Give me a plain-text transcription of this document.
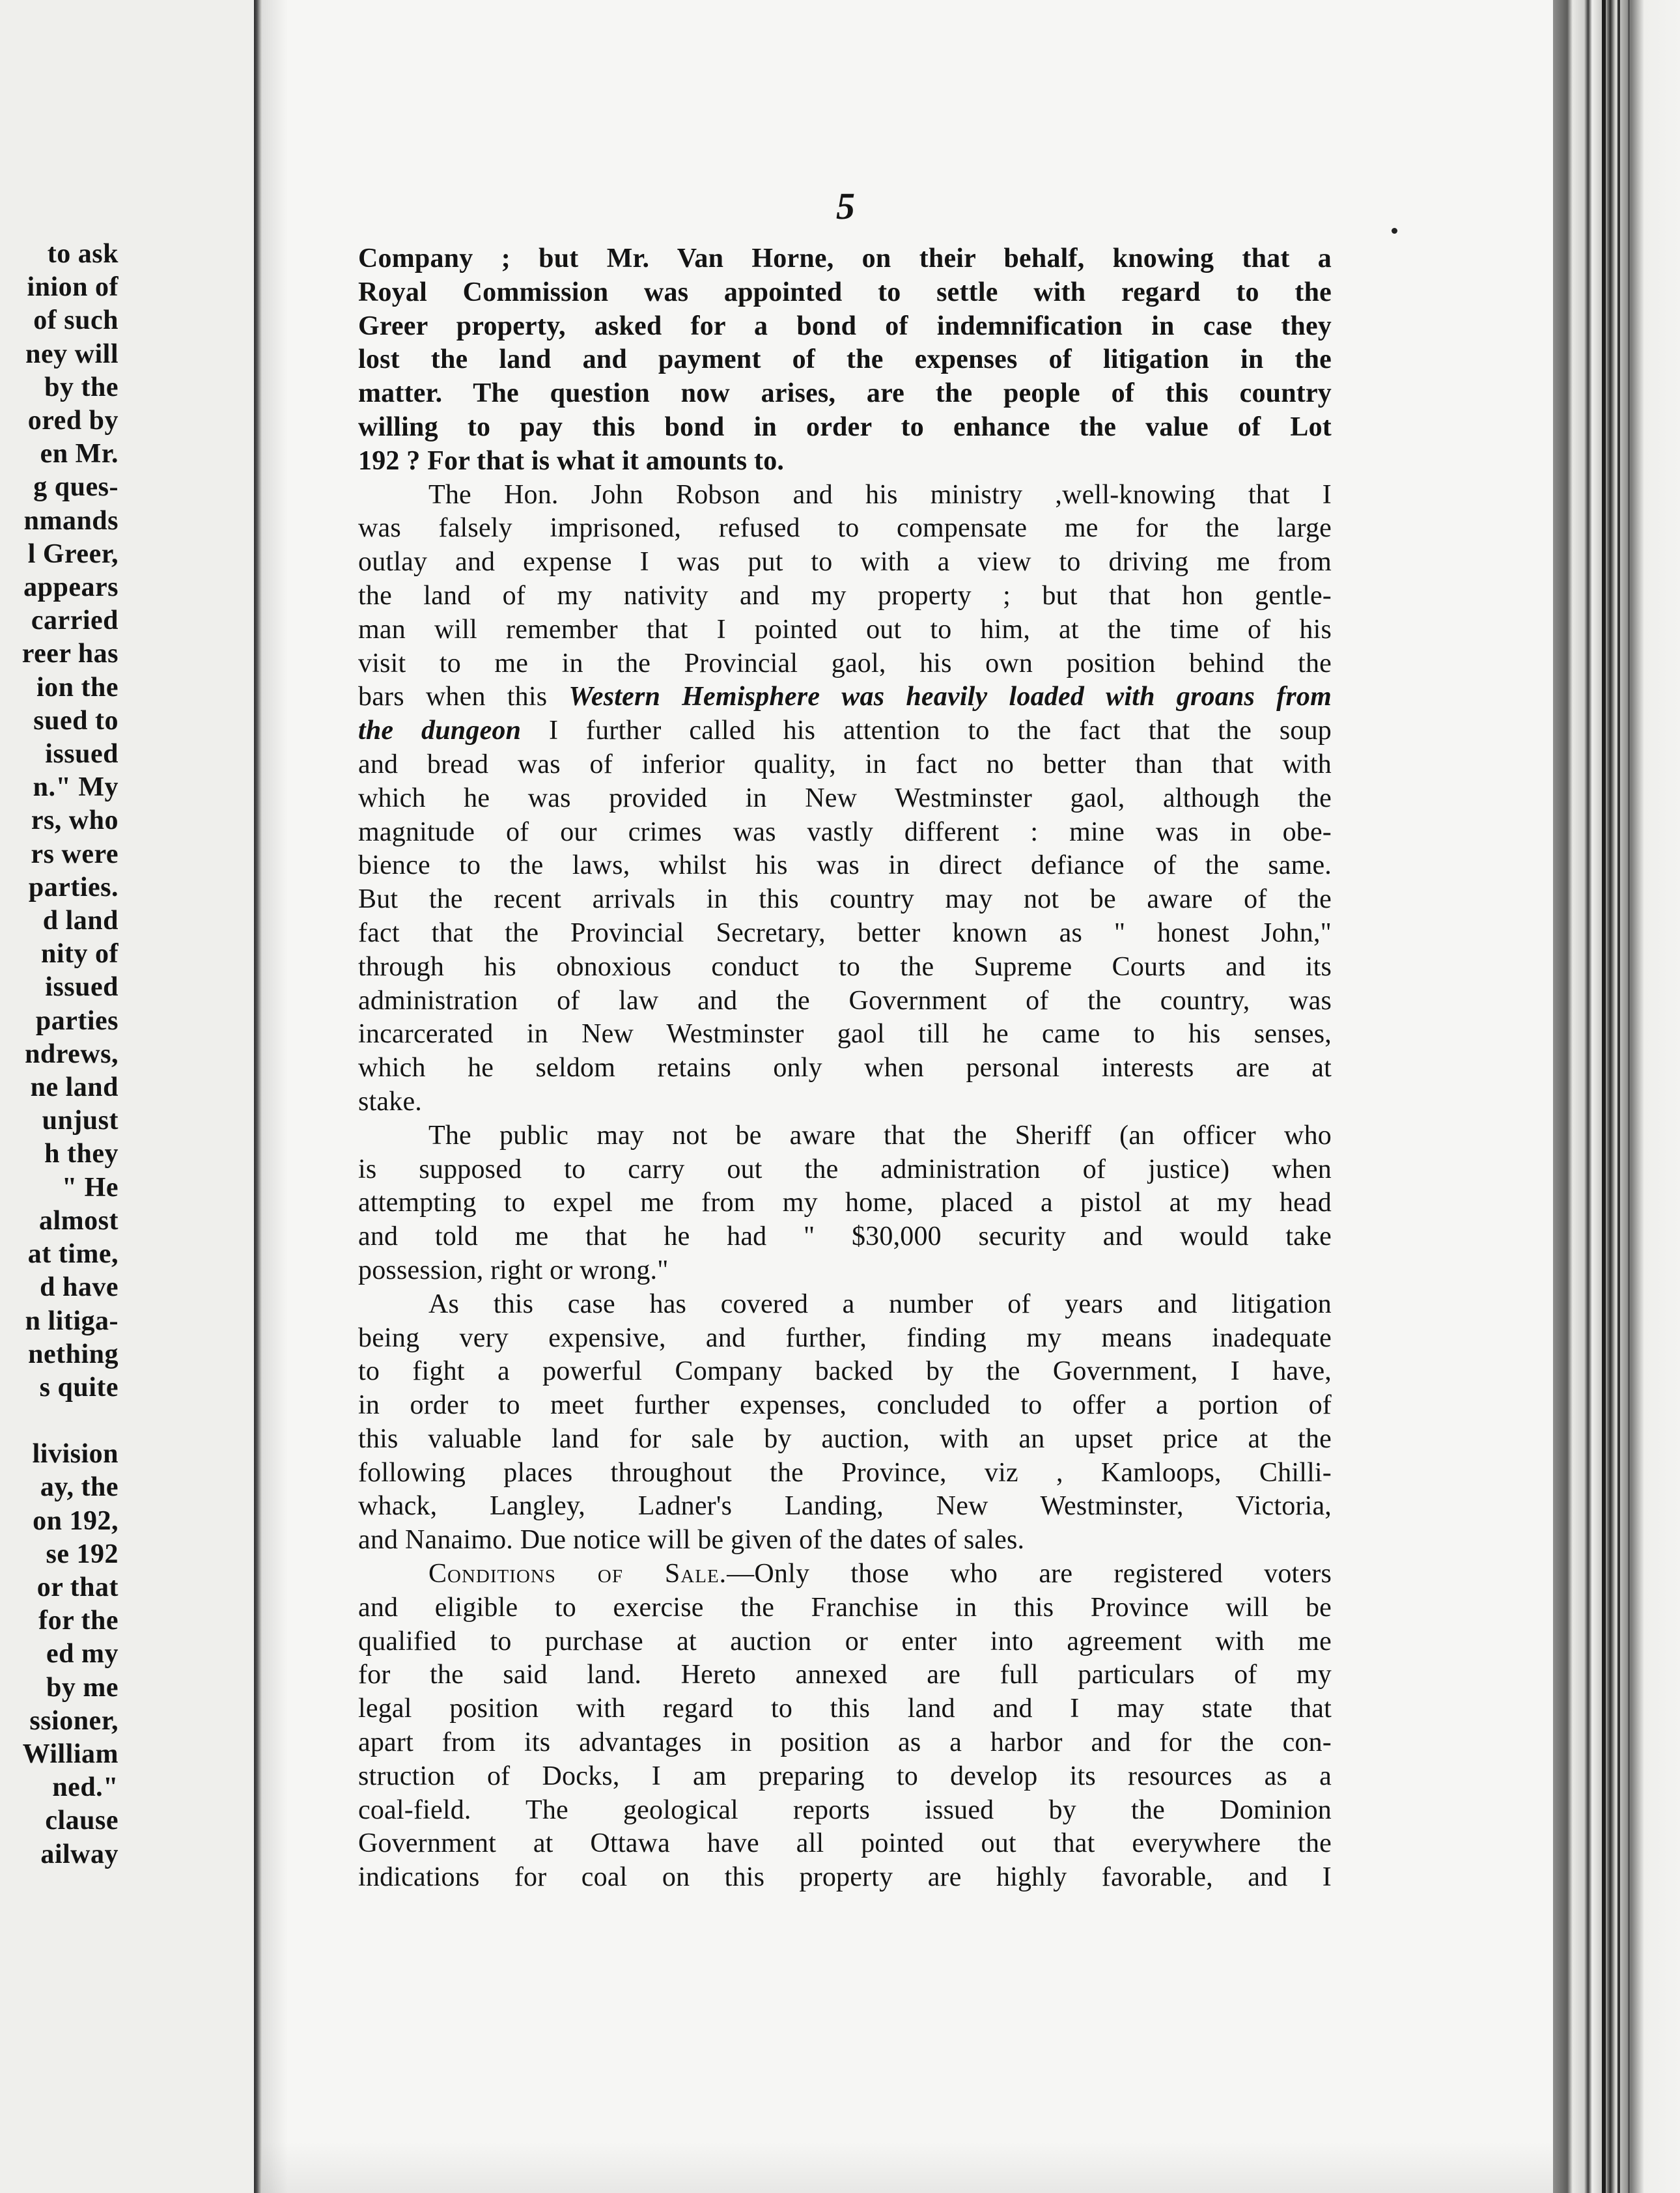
to ask
inion of
of such
ney will
by the
ored by
en Mr.
g ques-
nmands
l Greer,
appears
carried
reer has
ion the
sued to
issued
n." My
rs, who
rs were
parties.
d land
nity of
issued
parties
ndrews,
ne land
unjust
h they
" He
almost
at time,
d have
n litiga-
nething
s quite
livision
ay, the
on 192,
se 192
or that
for the
ed my
by me
ssioner,
William
ned."
clause
ailway
5
Company ; but Mr. Van Horne, on their behalf, knowing that a
Royal Commission was appointed to settle with regard to the
Greer property, asked for a bond of indemnification in case they
lost the land and payment of the expenses of litigation in the
matter. The question now arises, are the people of this country
willing to pay this bond in order to enhance the value of Lot
192 ? For that is what it amounts to.
The Hon. John Robson and his ministry ,well-knowing that I
was falsely imprisoned, refused to compensate me for the large
outlay and expense I was put to with a view to driving me from
the land of my nativity and my property ; but that hon gentle-
man will remember that I pointed out to him, at the time of his
visit to me in the Provincial gaol, his own position behind the
bars when this Western Hemisphere was heavily loaded with groans from
the dungeon I further called his attention to the fact that the soup
and bread was of inferior quality, in fact no better than that with
which he was provided in New Westminster gaol, although the
magnitude of our crimes was vastly different : mine was in obe-
bience to the laws, whilst his was in direct defiance of the same.
But the recent arrivals in this country may not be aware of the
fact that the Provincial Secretary, better known as " honest John,"
through his obnoxious conduct to the Supreme Courts and its
administration of law and the Government of the country, was
incarcerated in New Westminster gaol till he came to his senses,
which he seldom retains only when personal interests are at
stake.
The public may not be aware that the Sheriff (an officer who
is supposed to carry out the administration of justice) when
attempting to expel me from my home, placed a pistol at my head
and told me that he had " $30,000 security and would take
possession, right or wrong."
As this case has covered a number of years and litigation
being very expensive, and further, finding my means inadequate
to fight a powerful Company backed by the Government, I have,
in order to meet further expenses, concluded to offer a portion of
this valuable land for sale by auction, with an upset price at the
following places throughout the Province, viz , Kamloops, Chilli-
whack, Langley, Ladner's Landing, New Westminster, Victoria,
and Nanaimo. Due notice will be given of the dates of sales.
Conditions of Sale.—Only those who are registered voters
and eligible to exercise the Franchise in this Province will be
qualified to purchase at auction or enter into agreement with me
for the said land. Hereto annexed are full particulars of my
legal position with regard to this land and I may state that
apart from its advantages in position as a harbor and for the con-
struction of Docks, I am preparing to develop its resources as a
coal-field. The geological reports issued by the Dominion
Government at Ottawa have all pointed out that everywhere the
indications for coal on this property are highly favorable, and I
